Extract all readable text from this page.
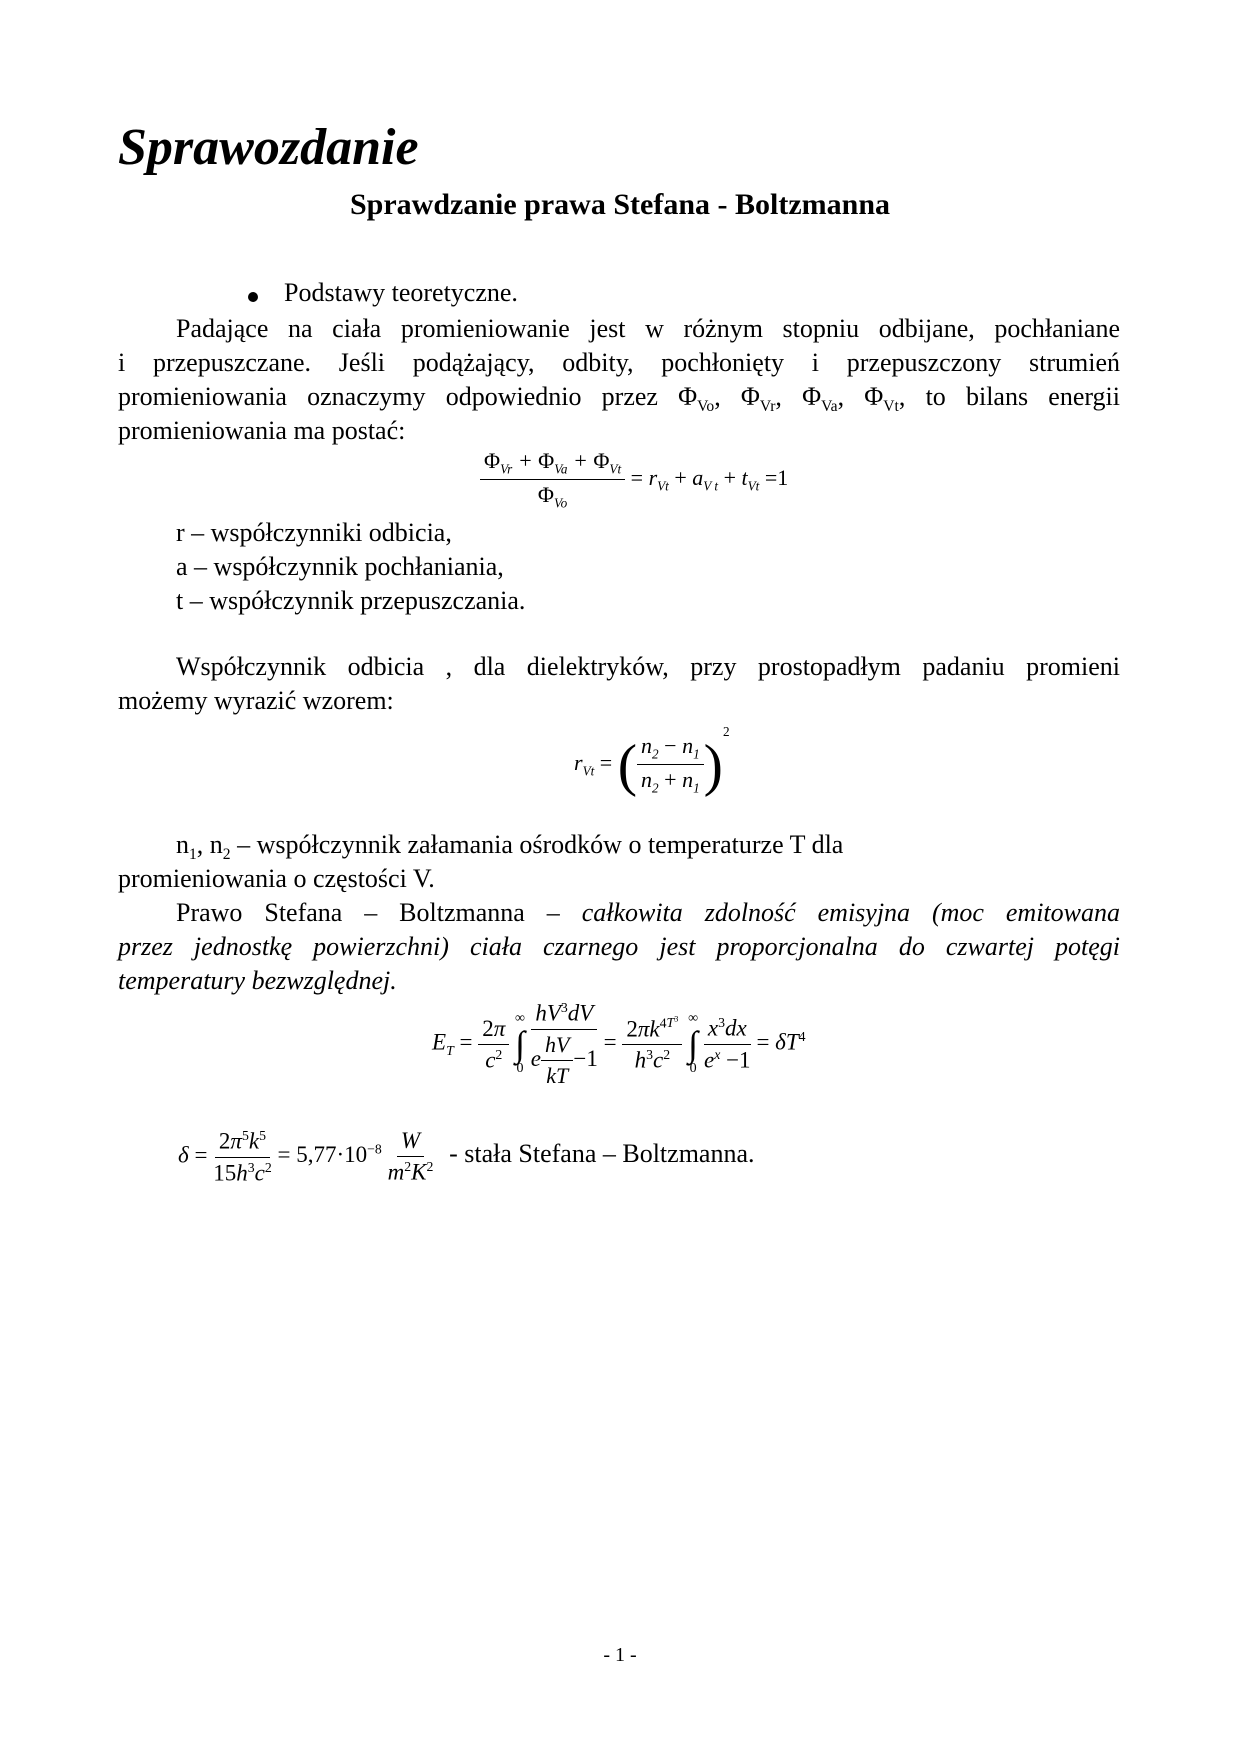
Sprawozdanie
Sprawdzanie prawa Stefana - Boltzmanna
Podstawy teoretyczne.
Padające na ciała promieniowanie jest w różnym stopniu odbijane, pochłaniane
i przepuszczane. Jeśli podążający, odbity, pochłonięty i przepuszczony strumień
promieniowania oznaczymy odpowiednio przez $\Phi_{Vo}$, $\Phi_{Vr}$, $\Phi_{Va}$, $\Phi_{Vt}$, to bilans energii
promieniowania ma postać:
$\frac{\Phi_{Vr} + \Phi_{Va} + \Phi_{Vt}}{\Phi_{Vo}} = r_{Vt} + a_{V t} + t_{Vt} =1$
r – współczynniki odbicia,
a – współczynnik pochłaniania,
t – współczynnik przepuszczania.
Współczynnik odbicia , dla dielektryków, przy prostopadłym padaniu promieni
możemy wyrazić wzorem:
$r_{Vt}$ = ( $\frac{n_2 - n_1}{n_2 + n_1} )^2$
$n_1$, $n_2$ – współczynnik załamania ośrodków o temperaturze T dla
promieniowania o częstości V.
Prawo Stefana – Boltzmanna – całkowita zdolność emisyjna (moc emitowana
przez jednostkę powierzchni) ciała czarnego jest proporcjonalna do czwartej potęgi
temperatury bezwzględnej.
$E_T = \frac{2\pi}{c^2}$
∞
∫
0
$\frac{hV^3dV}{e \frac{hV}{kT} -1} = \frac{2\pi k^{4T^3}}{h^3c^2}$
∞
∫
0
$\frac{x^3dx}{e^x -1} = \delta T^4$
$\delta = \frac{2\pi^5k^5}{15h^3c^2} = 5,77\cdot 10^{-8} \frac{W}{m^2K^2}$ - stała Stefana – Boltzmanna.
- 1 -
